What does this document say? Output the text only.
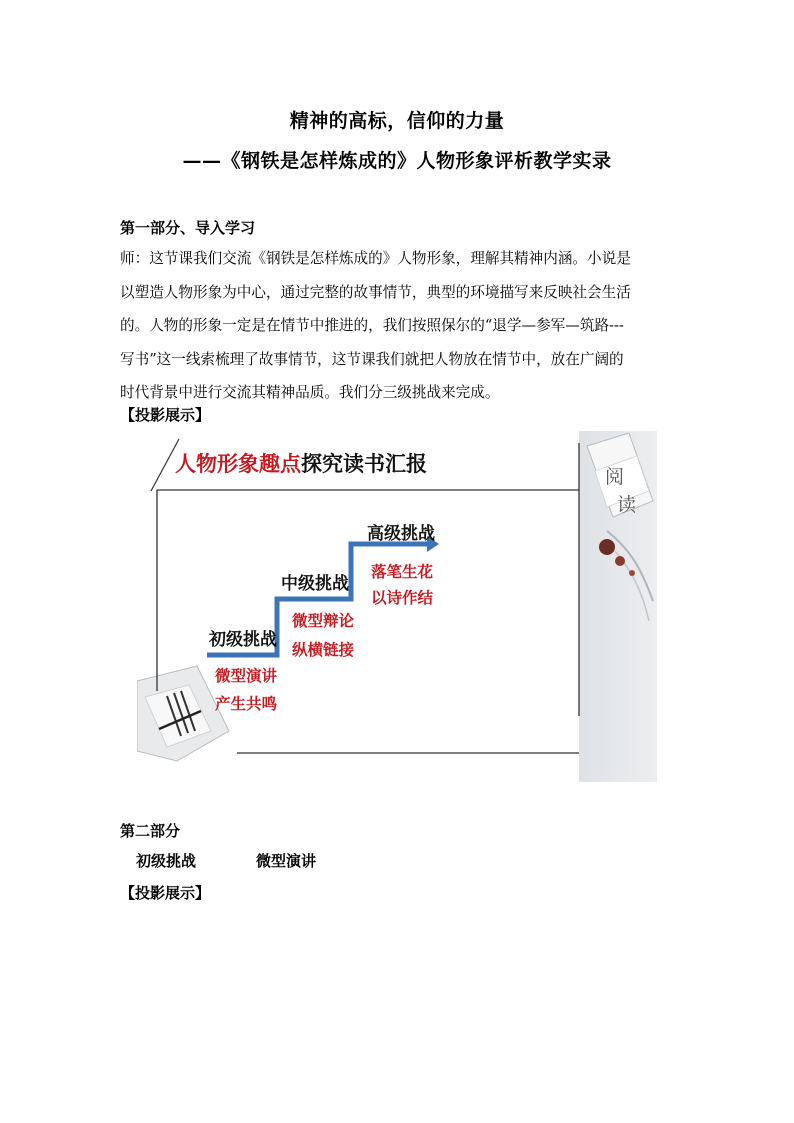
精神的高标，信仰的力量
——《钢铁是怎样炼成的》人物形象评析教学实录
第一部分、导入学习
师：这节课我们交流《钢铁是怎样炼成的》人物形象，理解其精神内涵。小说是
以塑造人物形象为中心，通过完整的故事情节，典型的环境描写来反映社会生活
的。人物的形象一定是在情节中推进的，我们按照保尔的“退学—参军—筑路---
写书”这一线索梳理了故事情节，这节课我们就把人物放在情节中，放在广阔的
时代背景中进行交流其精神品质。我们分三级挑战来完成。
【投影展示】
阅
读
人物形象趣点探究读书汇报
初级挑战
中级挑战
高级挑战
微型演讲
产生共鸣
微型辩论
纵横链接
落笔生花
以诗作结
第二部分
初级挑战	微型演讲
【投影展示】
